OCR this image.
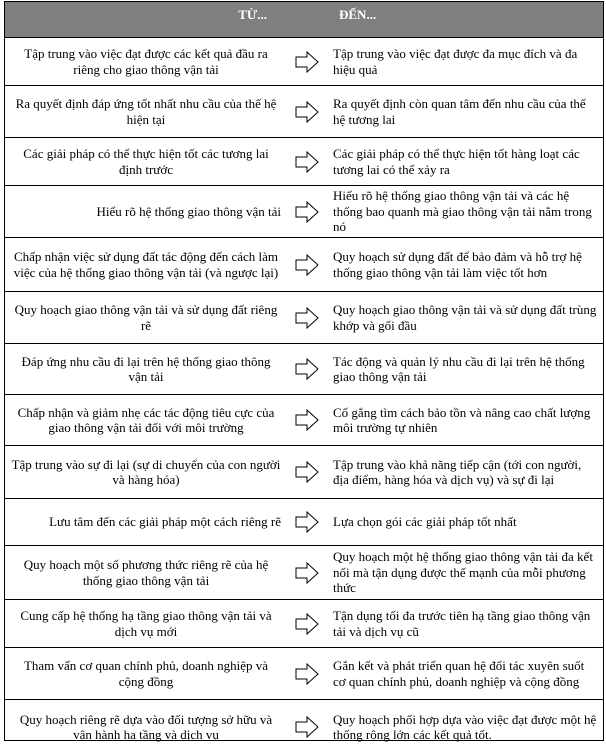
TỪ...	ĐẾN...
Tập trung vào việc đạt được các kết quả đầu ra riêng cho giao thông vận tải
Tập trung vào việc đạt được đa mục đích và đa hiệu quả
Ra quyết định đáp ứng tốt nhất nhu cầu của thế hệ hiện tại
Ra quyết định còn quan tâm đến nhu cầu của thế hệ tương lai
Các giải pháp có thể thực hiện tốt các tương lai định trước
Các giải pháp có thể thực hiện tốt hàng loạt các tương lai có thể xảy ra
Hiểu rõ hệ thống giao thông vận tải
Hiểu rõ hệ thống giao thông vận tải và các hệ thống bao quanh mà giao thông vận tải nằm trong nó
Chấp nhận việc sử dụng đất tác động đến cách làm việc của hệ thống giao thông vận tải (và ngược lại)
Quy hoạch sử dụng đất để bảo đảm và hỗ trợ hệ thống giao thông vận tải làm việc tốt hơn
Quy hoạch giao thông vận tải và sử dụng đất riêng rẽ
Quy hoạch giao thông vận tải và sử dụng đất trùng khớp và gối đầu
Đáp ứng nhu cầu đi lại trên hệ thống giao thông vận tải
Tác động và quản lý nhu cầu đi lại trên hệ thống giao thông vận tải
Chấp nhận và giảm nhẹ các tác động tiêu cực của giao thông vận tải đối với môi trường
Cố gắng tìm cách bảo tồn và nâng cao chất lượng môi trường tự nhiên
Tập trung vào sự đi lại (sự di chuyển của con người và hàng hóa)
Tập trung vào khả năng tiếp cận (tới con người, địa điểm, hàng hóa và dịch vụ) và sự đi lại
Lưu tâm đến các giải pháp một cách riêng rẽ	Lựa chọn gói các giải pháp tốt nhất
Quy hoạch một số phương thức riêng rẽ của hệ thống giao thông vận tải
Quy hoạch một hệ thống giao thông vận tải đa kết nối mà tận dụng được thế mạnh của mỗi phương thức
Cung cấp hệ thống hạ tầng giao thông vận tải và dịch vụ mới
Tận dụng tối đa trước tiên hạ tầng giao thông vận tải và dịch vụ cũ
Tham vấn cơ quan chính phủ, doanh nghiệp và cộng đồng
Gắn kết và phát triển quan hệ đối tác xuyên suốt cơ quan chính phủ, doanh nghiệp và cộng đồng
Quy hoạch riêng rẽ dựa vào đối tượng sở hữu và vận hành hạ tầng và dịch vụ
Quy hoạch phối hợp dựa vào việc đạt được một hệ thống rộng lớn các kết quả tốt.
